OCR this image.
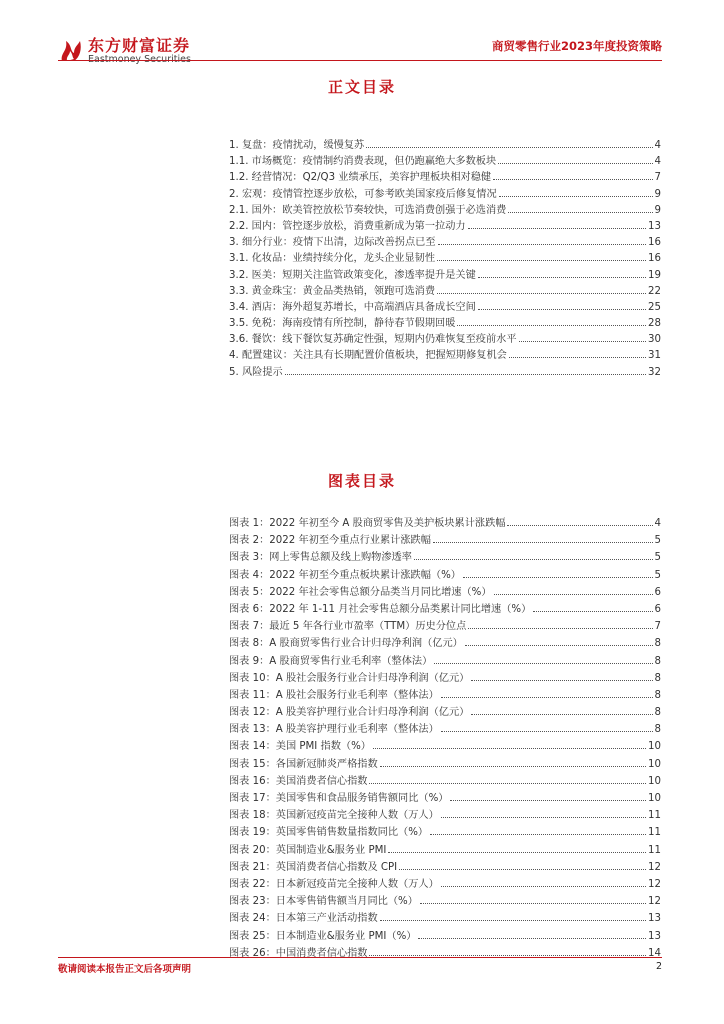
东方财富证券
Eastmoney Securities
商贸零售行业2023年度投资策略
正文目录
1. 复盘：疫情扰动，缓慢复苏	4
1.1. 市场概览：疫情制约消费表现，但仍跑赢绝大多数板块	4
1.2. 经营情况：Q2/Q3 业绩承压，美容护理板块相对稳健	7
2. 宏观：疫情管控逐步放松，可参考欧美国家疫后修复情况	9
2.1. 国外：欧美管控放松节奏较快，可选消费创强于必选消费	9
2.2. 国内：管控逐步放松，消费重新成为第一拉动力	13
3. 细分行业：疫情下出清，边际改善拐点已至	16
3.1. 化妆品：业绩持续分化，龙头企业显韧性	16
3.2. 医美：短期关注监管政策变化，渗透率提升是关键	19
3.3. 黄金珠宝：黄金品类热销，领跑可选消费	22
3.4. 酒店：海外超复苏增长，中高端酒店具备成长空间	25
3.5. 免税：海南疫情有所控制，静待春节假期回暖	28
3.6. 餐饮：线下餐饮复苏确定性强，短期内仍难恢复至疫前水平	30
4. 配置建议：关注具有长期配置价值板块，把握短期修复机会	31
5. 风险提示	32
图表目录
图表 1：2022 年初至今 A 股商贸零售及美护板块累计涨跌幅	4
图表 2：2022 年初至今重点行业累计涨跌幅	5
图表 3：网上零售总额及线上购物渗透率	5
图表 4：2022 年初至今重点板块累计涨跌幅（%）	5
图表 5：2022 年社会零售总额分品类当月同比增速（%）	6
图表 6：2022 年 1-11 月社会零售总额分品类累计同比增速（%）	6
图表 7：最近 5 年各行业市盈率（TTM）历史分位点	7
图表 8：A 股商贸零售行业合计归母净利润（亿元）	8
图表 9：A 股商贸零售行业毛利率（整体法）	8
图表 10：A 股社会服务行业合计归母净利润（亿元）	8
图表 11：A 股社会服务行业毛利率（整体法）	8
图表 12：A 股美容护理行业合计归母净利润（亿元）	8
图表 13：A 股美容护理行业毛利率（整体法）	8
图表 14：美国 PMI 指数（%）	10
图表 15：各国新冠肺炎严格指数	10
图表 16：美国消费者信心指数	10
图表 17：美国零售和食品服务销售额同比（%）	10
图表 18：英国新冠疫苗完全接种人数（万人）	11
图表 19：英国零售销售数量指数同比（%）	11
图表 20：英国制造业&服务业 PMI	11
图表 21：英国消费者信心指数及 CPI	12
图表 22：日本新冠疫苗完全接种人数（万人）	12
图表 23：日本零售销售额当月同比（%）	12
图表 24：日本第三产业活动指数	13
图表 25：日本制造业&服务业 PMI（%）	13
图表 26：中国消费者信心指数	14
敬请阅读本报告正文后各项声明	2
